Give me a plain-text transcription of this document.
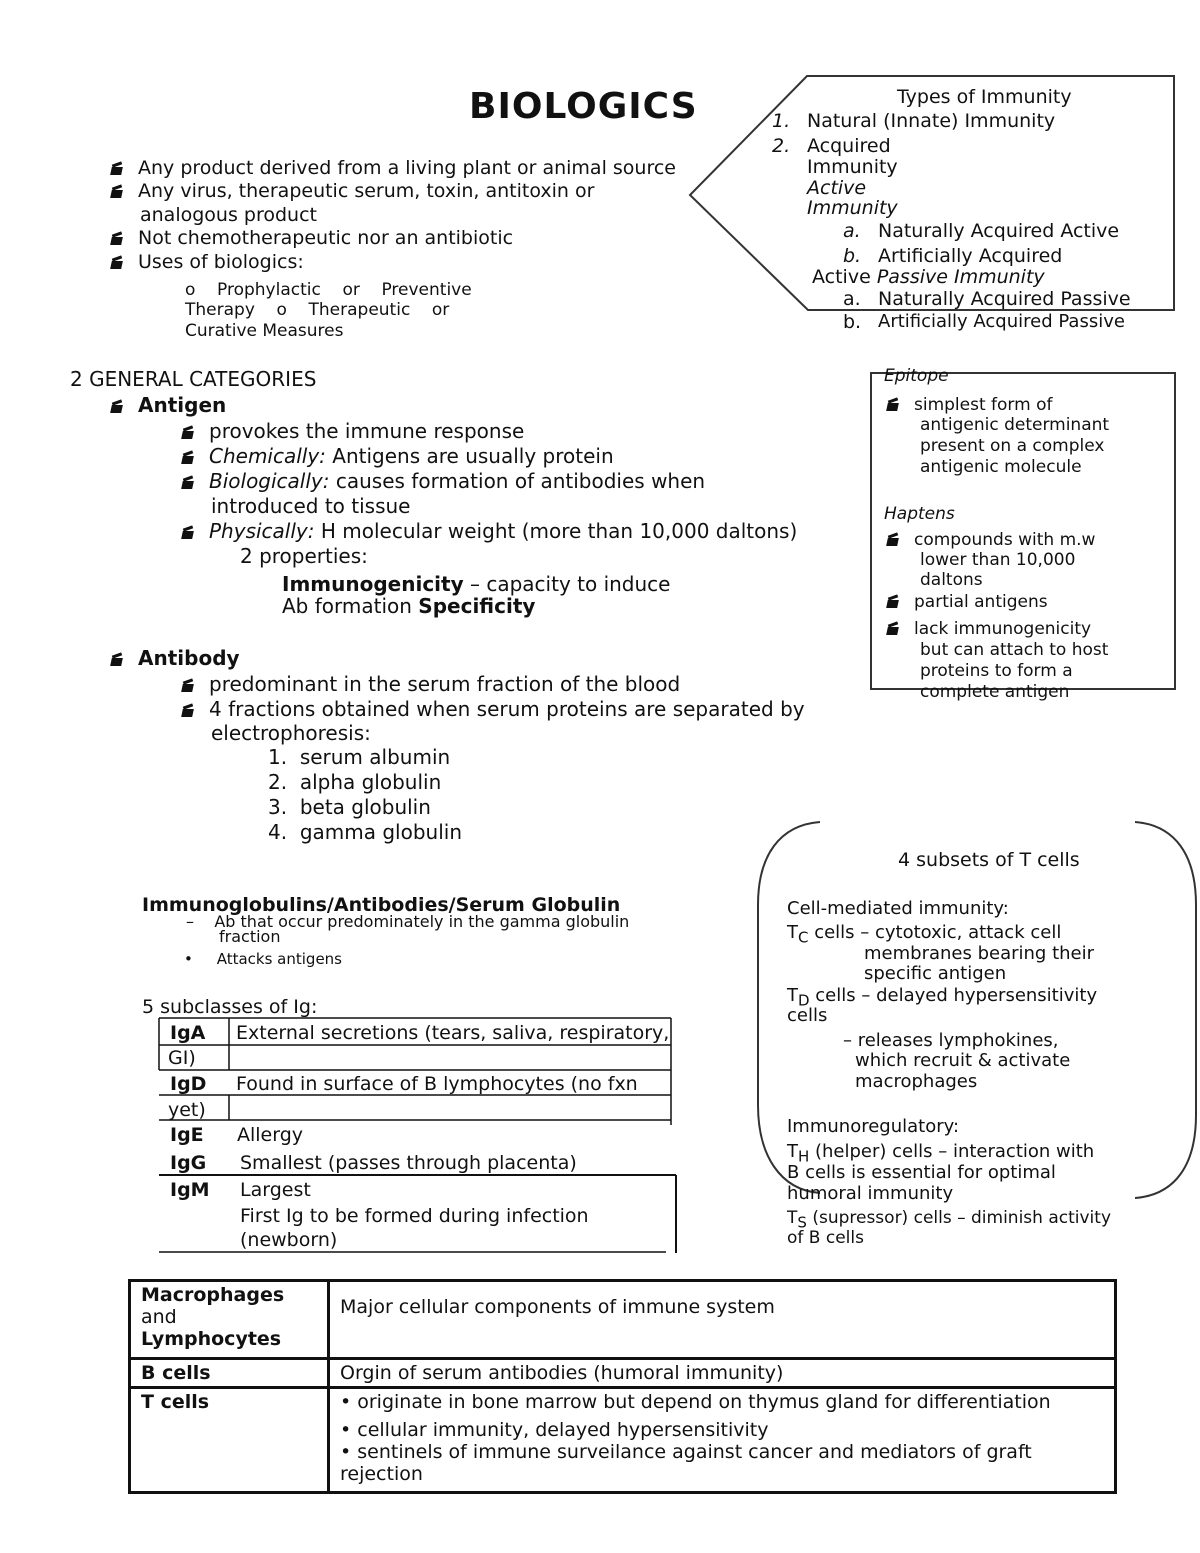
BIOLOGICS
Any product derived from a living plant or animal source
Any virus, therapeutic serum, toxin, antitoxin or
analogous product
Not chemotherapeutic nor an antibiotic
Uses of biologics:
o    Prophylactic    or    Preventive
Therapy    o    Therapeutic    or
Curative Measures
Types of Immunity
1. Natural (Innate) Immunity
2. Acquired
Immunity
Active
Immunity
a. Naturally Acquired Active
b. Artificially Acquired
Active Passive Immunity
a. Naturally Acquired Passive
b. Artificially Acquired Passive
2 GENERAL CATEGORIES
Antigen
provokes the immune response
Chemically: Antigens are usually protein
Biologically: causes formation of antibodies when
introduced to tissue
Physically: H molecular weight (more than 10,000 daltons)
2 properties:
Immunogenicity – capacity to induce
Ab formation Specificity
Antibody
predominant in the serum fraction of the blood
4 fractions obtained when serum proteins are separated by
electrophoresis:
1. serum albumin
2. alpha globulin
3. beta globulin
4. gamma globulin
Epitope
simplest form of
antigenic determinant
present on a complex
antigenic molecule
Haptens
compounds with m.w
lower than 10,000
daltons
partial antigens
lack immunogenicity
but can attach to host
proteins to form a
complete antigen
4 subsets of T cells
Cell-mediated immunity:
$T_C$ cells – cytotoxic, attack cell
membranes bearing their
specific antigen
$T_D$ cells – delayed hypersensitivity
cells
– releases lymphokines,
which recruit & activate
macrophages
Immunoregulatory:
$T_H$ (helper) cells – interaction with
B cells is essential for optimal
humoral immunity
$T_S$ (supressor) cells – diminish activity
of B cells
Immunoglobulins/Antibodies/Serum Globulin
–    Ab that occur predominately in the gamma globulin
fraction
•     Attacks antigens
5 subclasses of Ig:
IgA External secretions (tears, saliva, respiratory,
GI)
IgD Found in surface of B lymphocytes (no fxn
yet)
IgE Allergy
IgG Smallest (passes through placenta)
IgM Largest
First Ig to be formed during infection
(newborn)
Macrophages
and
Lymphocytes	Major cellular components of immune system
B cells	Orgin of serum antibodies (humoral immunity)
T cells	• originate in bone marrow but depend on thymus gland for differentiation
• cellular immunity, delayed hypersensitivity
• sentinels of immune surveilance against cancer and mediators of graft
rejection
